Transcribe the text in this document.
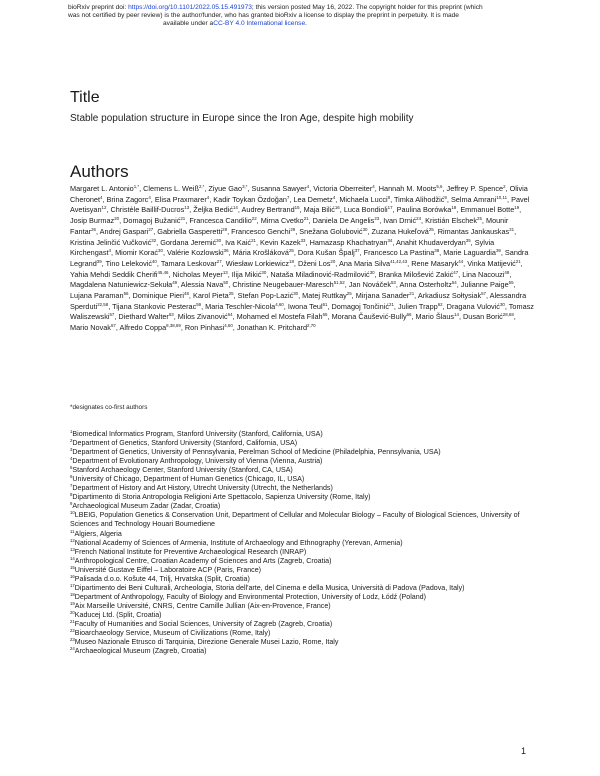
bioRxiv preprint doi: https://doi.org/10.1101/2022.05.15.491973; this version posted May 16, 2022. The copyright holder for this preprint (which
was not certified by peer review) is the author/funder, who has granted bioRxiv a license to display the preprint in perpetuity. It is made
available under aCC-BY 4.0 International license.
Title
Stable population structure in Europe since the Iron Age, despite high mobility
Authors
Margaret L. Antonio$^{1,*}$, Clemens L. Weiß$^{2,*}$, Ziyue Gao$^{3,*}$, Susanna Sawyer$^4$, Victoria Oberreiter$^4$, Hannah M. Moots$^{5,6}$, Jeffrey P. Spence$^2$, Olivia Cheronet$^4$, Brina Zagorc$^4$, Elisa Praxmarer$^4$, Kadir Toykan Özdoğan$^7$, Lea Demetz$^4$, Michaela Lucci$^8$, Timka Alihodžić$^9$, Selma Amrani$^{10,11}$, Pavel Avetisyan$^{12}$, Christèle Baillif-Ducros$^{13}$, Željka Bedić$^{14}$, Audrey Bertrand$^{15}$, Maja Bilić$^{16}$, Luca Bondioli$^{17}$, Paulina Borówka$^{18}$, Emmanuel Botte$^{19}$, Josip Burmaz$^{20}$, Domagoj Bužanić$^{21}$, Francesca Candilio$^{22}$, Mirna Cvetko$^{21}$, Daniela De Angelis$^{23}$, Ivan Drnić$^{24}$, Kristián Elschek$^{25}$, Mounir Fantar$^{26}$, Andrej Gaspari$^{27}$, Gabriella Gasperetti$^{28}$, Francesco Genchi$^{29}$, Snežana Golubović$^{30}$, Zuzana Hukeľová$^{25}$, Rimantas Jankauskas$^{31}$, Kristina Jelinčić Vučković$^{32}$, Gordana Jeremić$^{30}$, Iva Kaić$^{21}$, Kevin Kazek$^{33}$, Hamazasp Khachatryan$^{34}$, Anahit Khudaverdyan$^{35}$, Sylvia Kirchengast$^4$, Miomir Korać$^{30}$, Valérie Kozlowski$^{36}$, Mária Krošláková$^{25}$, Dora Kušan Špalj$^{37}$, Francesco La Pastina$^{38}$, Marie Laguardia$^{39}$, Sandra Legrand$^{39}$, Tino Leleković$^{40}$, Tamara Leskovar$^{27}$, Wiesław Lorkiewicz$^{18}$, Dženi Los$^{20}$, Ana Maria Silva$^{41,42,43}$, Rene Masaryk$^{44}$, Vinka Matijević$^{21}$, Yahia Mehdi Seddik Cherifi$^{45,46}$, Nicholas Meyer$^{13}$, Ilija Mikić$^{30}$, Nataša Miladinović-Radmilović$^{30}$, Branka Milošević Zakić$^{47}$, Lina Nacouzi$^{48}$, Magdalena Natuniewicz-Sekuła$^{49}$, Alessia Nava$^{50}$, Christine Neugebauer-Maresch$^{51,52}$, Jan Nováček$^{53}$, Anna Osterholtz$^{54}$, Julianne Paige$^{55}$, Lujana Paraman$^{56}$, Dominique Pieri$^{48}$, Karol Pieta$^{25}$, Stefan Pop-Lazić$^{30}$, Matej Ruttkay$^{25}$, Mirjana Sanader$^{21}$, Arkadiusz Sołtysiak$^{57}$, Alessandra Sperduti$^{22,58}$, Tijana Stankovic Pesterac$^{59}$, Maria Teschler-Nicola$^{4,60}$, Iwona Teul$^{61}$, Domagoj Tončinić$^{21}$, Julien Trapp$^{62}$, Dragana Vulović$^{30}$, Tomasz Waliszewski$^{57}$, Diethard Walter$^{63}$, Milos Zivanović$^{64}$, Mohamed el Mostefa Filah$^{65}$, Morana Čaušević-Bully$^{66}$, Mario Šlaus$^{14}$, Dusan Borić$^{28,68}$, Mario Novak$^{67}$, Alfredo Coppa$^{8,38,69}$, Ron Pinhasi$^{4,60}$, Jonathan K. Pritchard$^{2,70}$
*designates co-first authors
$^1$Biomedical Informatics Program, Stanford University (Stanford, California, USA)
$^2$Department of Genetics, Stanford University (Stanford, California, USA)
$^3$Department of Genetics, University of Pennsylvania, Perelman School of Medicine (Philadelphia, Pennsylvania, USA)
$^4$Department of Evolutionary Anthropology, University of Vienna (Vienna, Austria)
$^5$Stanford Archaeology Center, Stanford University (Stanford, CA, USA)
$^6$University of Chicago, Department of Human Genetics (Chicago, IL, USA)
$^7$Department of History and Art History, Utrecht University (Utrecht, the Netherlands)
$^8$Dipartimento di Storia Antropologia Religioni Arte Spettacolo, Sapienza University (Rome, Italy)
$^9$Archaeological Museum Zadar (Zadar, Croatia)
$^{10}$LBEIG, Population Genetics & Conservation Unit, Department of Cellular and Molecular Biology – Faculty of Biological Sciences, University of Sciences and Technology Houari Boumediene
$^{11}$Algiers, Algeria
$^{12}$National Academy of Sciences of Armenia, Institute of Archaeology and Ethnography (Yerevan, Armenia)
$^{13}$French National Institute for Preventive Archaeological Research (INRAP)
$^{14}$Anthropological Centre, Croatian Academy of Sciences and Arts (Zagreb, Croatia)
$^{15}$Université Gustave Eiffel – Laboratoire ACP (Paris, France)
$^{16}$Palisada d.o.o. Košute 44, Trilj, Hrvatska (Split, Croatia)
$^{17}$Dipartimento dei Beni Culturali, Archeologia, Storia dell'arte, del Cinema e della Musica, Università di Padova (Padova, Italy)
$^{18}$Department of Anthropology, Faculty of Biology and Environmental Protection, University of Lodz, Łódź (Poland)
$^{19}$Aix Marseille Université, CNRS, Centre Camille Jullian (Aix-en-Provence, France)
$^{20}$Kaducej Ltd. (Split, Croatia)
$^{21}$Faculty of Humanities and Social Sciences, University of Zagreb (Zagreb, Croatia)
$^{22}$Bioarchaeology Service, Museum of Civilizations (Rome, Italy)
$^{23}$Museo Nazionale Etrusco di Tarquinia, Direzione Generale Musei Lazio, Rome, Italy
$^{24}$Archaeological Museum (Zagreb, Croatia)
1
